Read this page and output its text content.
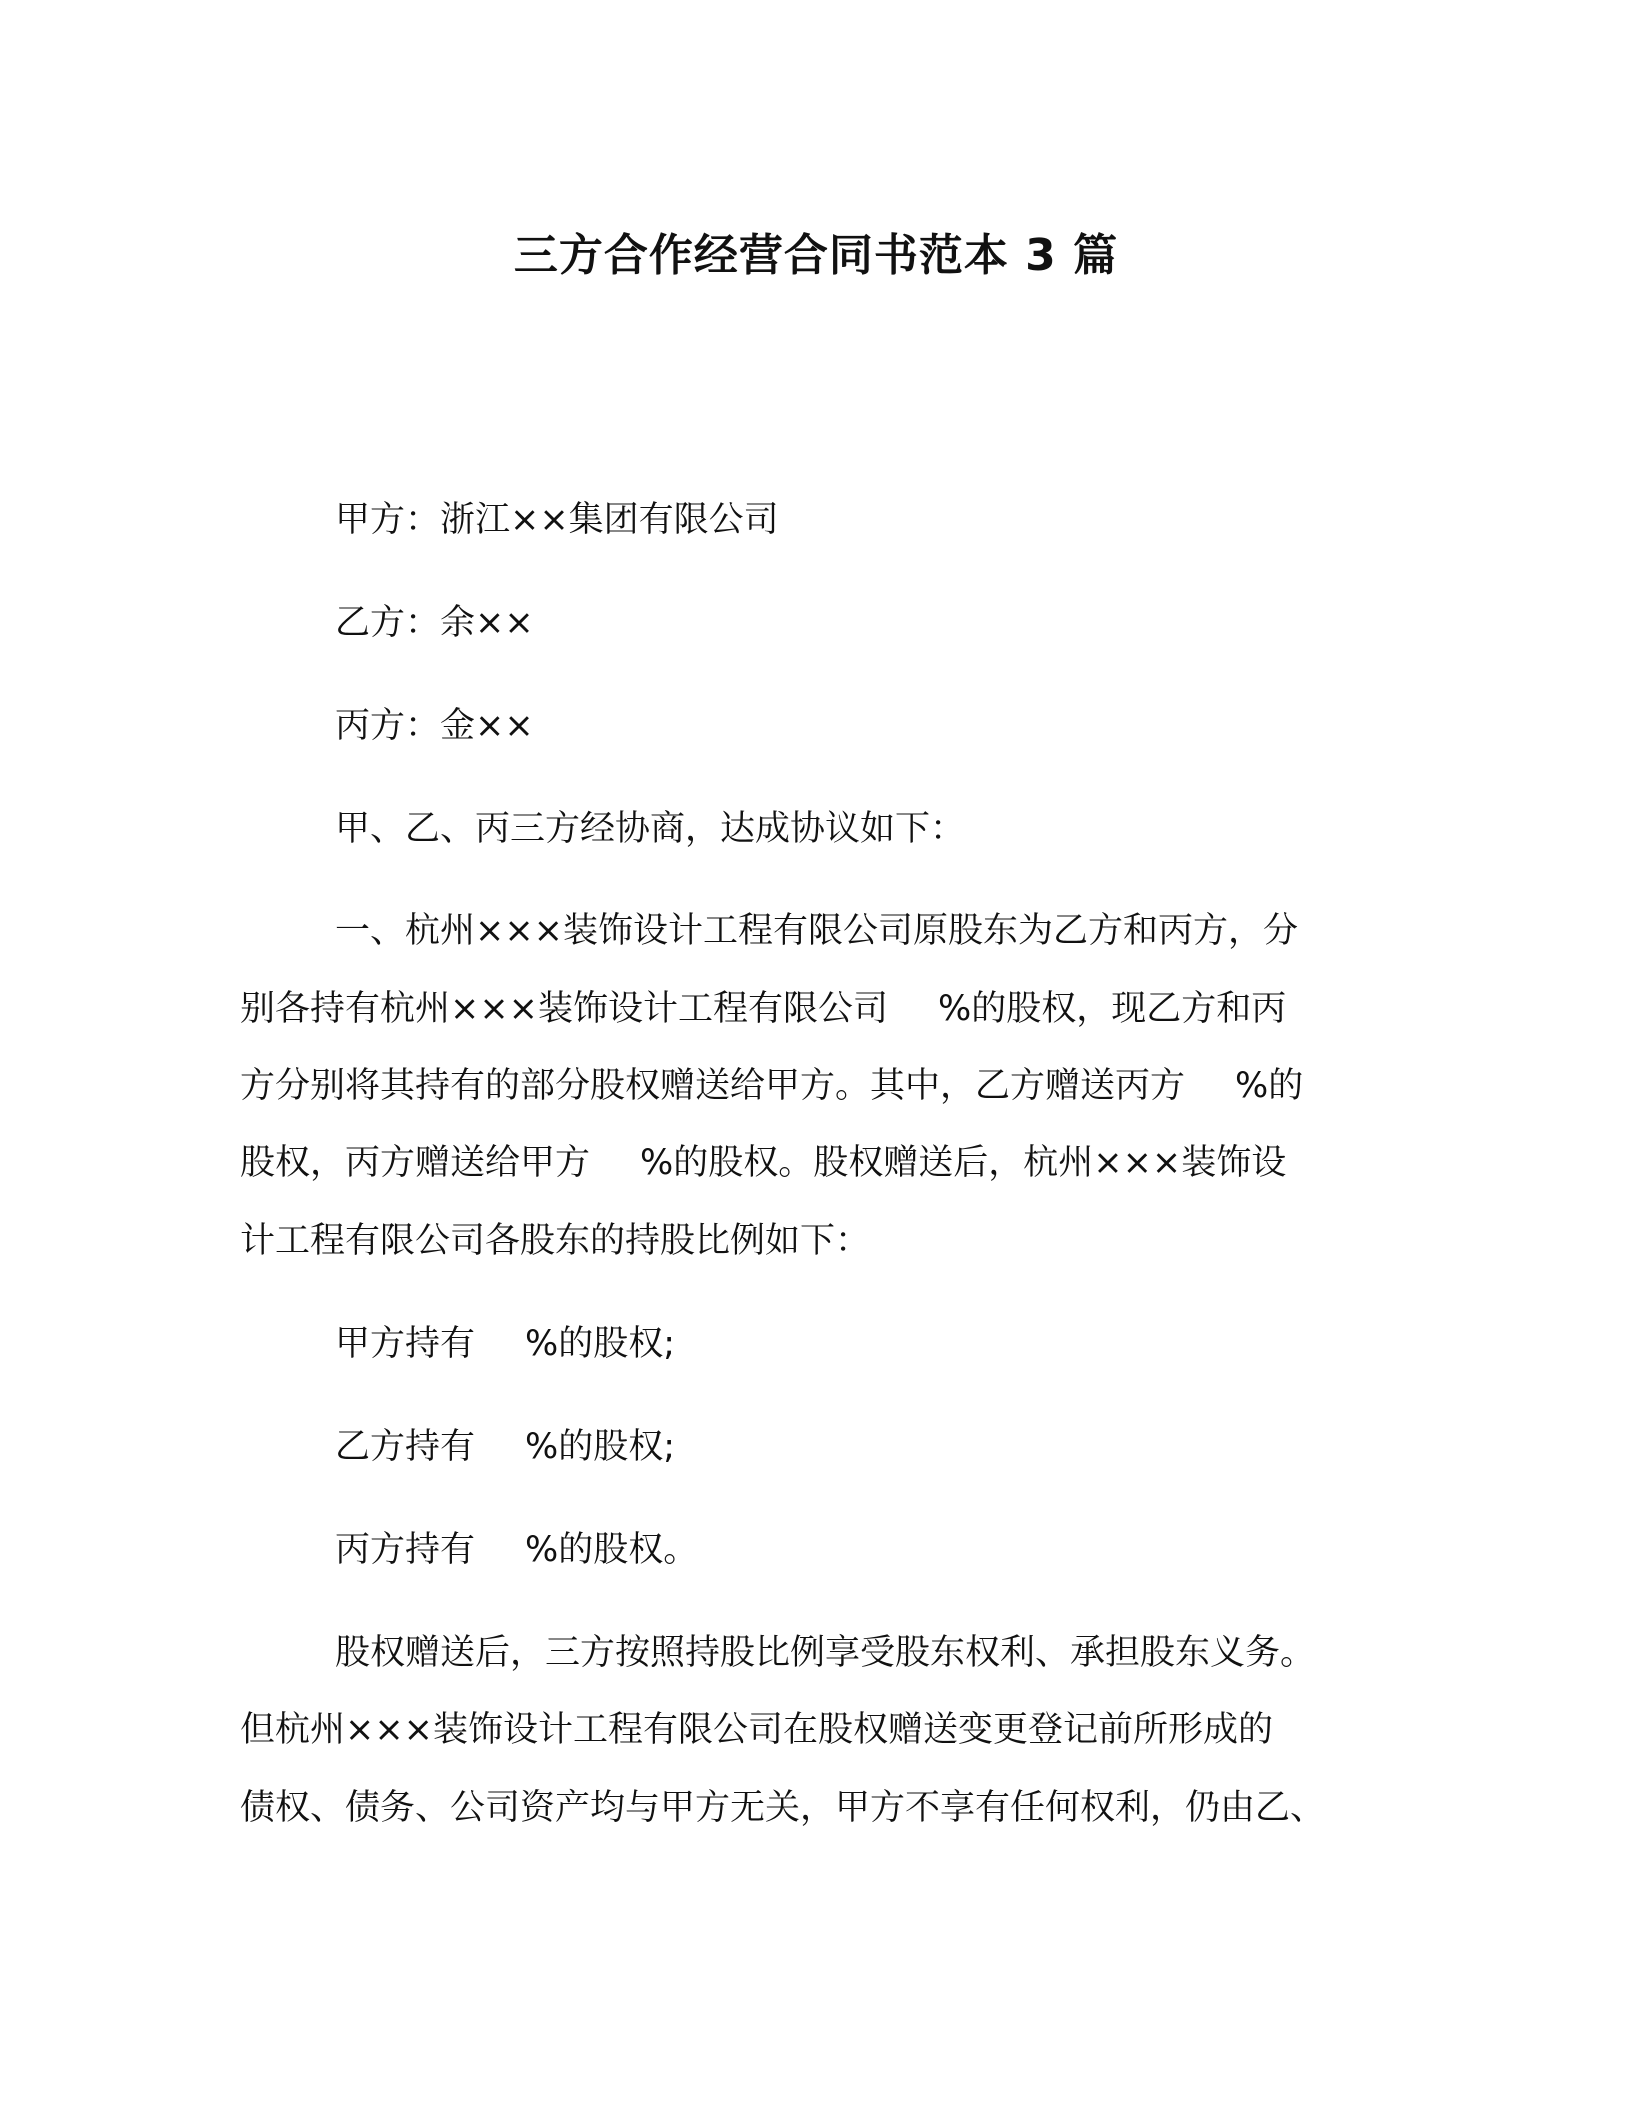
三方合作经营合同书范本 3 篇
甲方：浙江××集团有限公司
乙方：余××
丙方：金××
甲、乙、丙三方经协商，达成协议如下：
一、杭州×××装饰设计工程有限公司原股东为乙方和丙方，分
别各持有杭州×××装饰设计工程有限公司 %的股权，现乙方和丙
方分别将其持有的部分股权赠送给甲方。其中，乙方赠送丙方 %的
股权，丙方赠送给甲方 %的股权。股权赠送后，杭州×××装饰设
计工程有限公司各股东的持股比例如下：
甲方持有 %的股权;
乙方持有 %的股权;
丙方持有 %的股权。
股权赠送后，三方按照持股比例享受股东权利、承担股东义务。
但杭州×××装饰设计工程有限公司在股权赠送变更登记前所形成的
债权、债务、公司资产均与甲方无关，甲方不享有任何权利，仍由乙、
